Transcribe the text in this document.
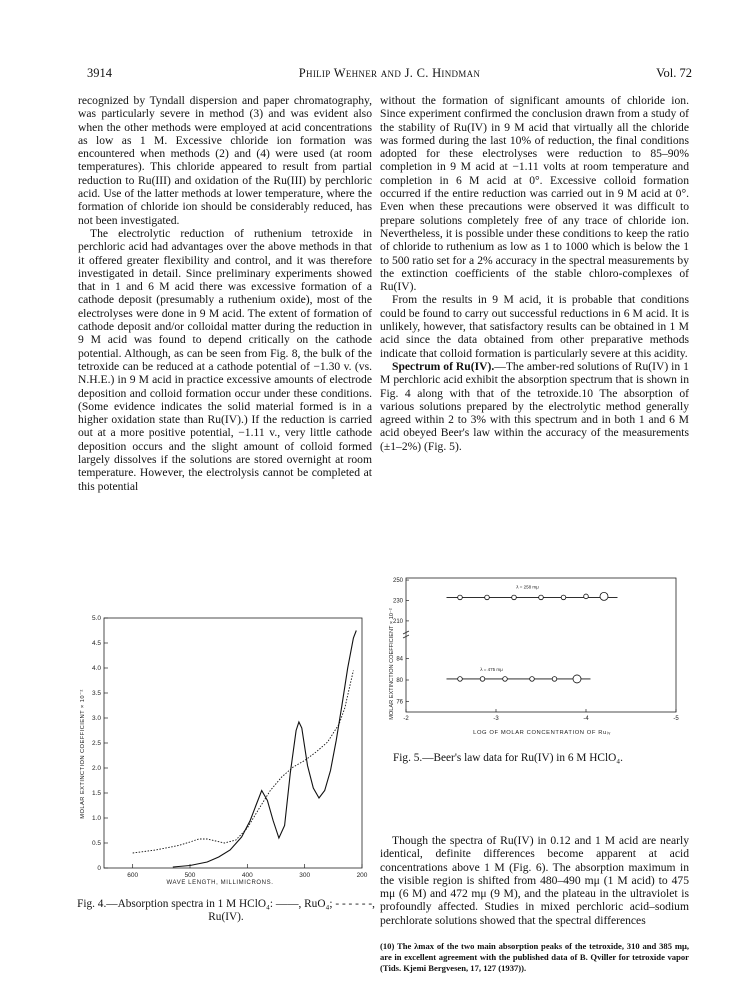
3914	Philip Wehner and J. C. Hindman	Vol. 72

recognized by Tyndall dispersion and paper chromatography, was particularly severe in method (3) and was evident also when the other methods were employed at acid concentrations as low as 1 M. Excessive chloride ion formation was encountered when methods (2) and (4) were used (at room temperatures). This chloride appeared to result from partial reduction to Ru(III) and oxidation of the Ru(III) by perchloric acid. Use of the latter methods at lower temperature, where the formation of chloride ion should be considerably reduced, has not been investigated.

The electrolytic reduction of ruthenium tetroxide in perchloric acid had advantages over the above methods in that it offered greater flexibility and control, and it was therefore investigated in detail. Since preliminary experiments showed that in 1 and 6 M acid there was excessive formation of a cathode deposit (presumably a ruthenium oxide), most of the electrolyses were done in 9 M acid. The extent of formation of cathode deposit and/or colloidal matter during the reduction in 9 M acid was found to depend critically on the cathode potential. Although, as can be seen from Fig. 8, the bulk of the tetroxide can be reduced at a cathode potential of −1.30 v. (vs. N.H.E.) in 9 M acid in practice excessive amounts of electrode deposition and colloid formation occur under these conditions. (Some evidence indicates the solid material formed is in a higher oxidation state than Ru(IV).) If the reduction is carried out at a more positive potential, −1.11 v., very little cathode deposition occurs and the slight amount of colloid formed largely dissolves if the solutions are stored overnight at room temperature. However, the electrolysis cannot be completed at this potential

without the formation of significant amounts of chloride ion. Since experiment confirmed the conclusion drawn from a study of the stability of Ru(IV) in 9 M acid that virtually all the chloride was formed during the last 10% of reduction, the final conditions adopted for these electrolyses were reduction to 85–90% completion in 9 M acid at −1.11 volts at room temperature and completion in 6 M acid at 0°. Excessive colloid formation occurred if the entire reduction was carried out in 9 M acid at 0°. Even when these precautions were observed it was difficult to prepare solutions completely free of any trace of chloride ion. Nevertheless, it is possible under these conditions to keep the ratio of chloride to ruthenium as low as 1 to 1000 which is below the 1 to 500 ratio set for a 2% accuracy in the spectral measurements by the extinction coefficients of the stable chloro-complexes of Ru(IV).

From the results in 9 M acid, it is probable that conditions could be found to carry out successful reductions in 6 M acid. It is unlikely, however, that satisfactory results can be obtained in 1 M acid since the data obtained from other preparative methods indicate that colloid formation is particularly severe at this acidity.

Spectrum of Ru(IV).—The amber-red solutions of Ru(IV) in 1 M perchloric acid exhibit the absorption spectrum that is shown in Fig. 4 along with that of the tetroxide.10 The absorption of various solutions prepared by the electrolytic method generally agreed within 2 to 3% with this spectrum and in both 1 and 6 M acid obeyed Beer's law within the accuracy of the measurements (±1–2%) (Fig. 5).

MOLAR EXTINCTION COEFFICIENT × 10⁻²
250
230
210
84
80
76
-2	-3	-4	-5
λ = 258 mμ
λ = 475 mμ
LOG OF MOLAR CONCENTRATION OF Ruᵢᵥ
Fig. 5.—Beer's law data for Ru(IV) in 6 M HClO₄.

Though the spectra of Ru(IV) in 0.12 and 1 M acid are nearly identical, definite differences become apparent at acid concentrations above 1 M (Fig. 6). The absorption maximum in the visible region is shifted from 480–490 mμ (1 M acid) to 475 mμ (6 M) and 472 mμ (9 M), and the plateau in the ultraviolet is profoundly affected. Studies in mixed perchloric acid–sodium perchlorate solutions showed that the spectral differences

(10) The λmax of the two main absorption peaks of the tetroxide, 310 and 385 mμ, are in excellent agreement with the published data of B. Qviller for tetroxide vapor (Tids. Kjemi Bergvesen, 17, 127 (1937)).
MOLAR EXTINCTION COEFFICIENT × 10⁻²
5.0
4.5
4.0
3.5
3.0
2.5
2.0
1.5
1.0
0.5
0
600	500	400	300	200
WAVE LENGTH, MILLIMICRONS.
Fig. 4.—Absorption spectra in 1 M HClO₄: ——, RuO₄; - - - - - -, Ru(IV).
